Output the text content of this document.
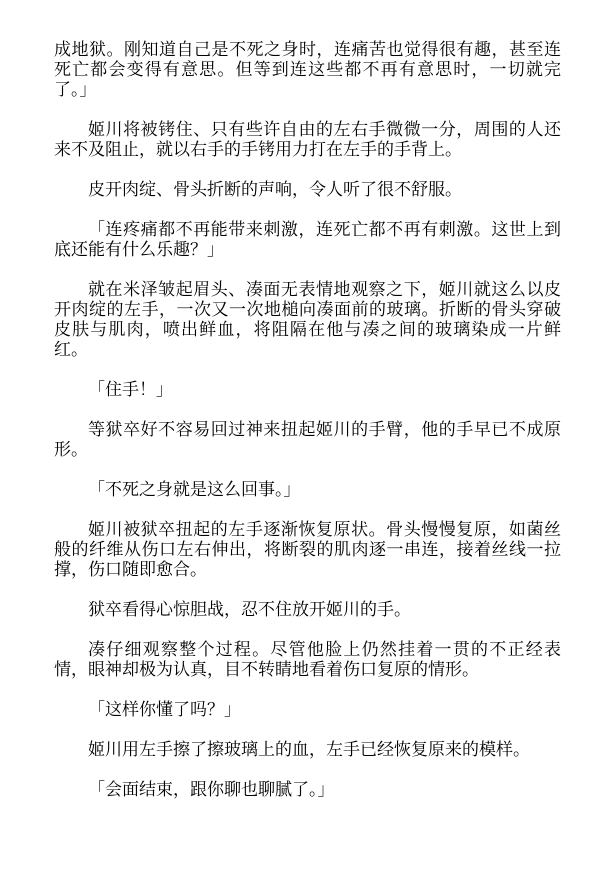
成地狱。刚知道自己是不死之身时，连痛苦也觉得很有趣，甚至连死亡都会变得有意思。但等到连这些都不再有意思时，一切就完了。」

姬川将被铐住、只有些许自由的左右手微微一分，周围的人还来不及阻止，就以右手的手铐用力打在左手的手背上。

皮开肉绽、骨头折断的声响，令人听了很不舒服。

「连疼痛都不再能带来刺激，连死亡都不再有刺激。这世上到底还能有什么乐趣？」

就在米泽皱起眉头、凑面无表情地观察之下，姬川就这么以皮开肉绽的左手，一次又一次地槌向凑面前的玻璃。折断的骨头穿破皮肤与肌肉，喷出鲜血，将阻隔在他与凑之间的玻璃染成一片鲜红。

「住手！」

等狱卒好不容易回过神来扭起姬川的手臂，他的手早已不成原形。

「不死之身就是这么回事。」

姬川被狱卒扭起的左手逐渐恢复原状。骨头慢慢复原，如菌丝般的纤维从伤口左右伸出，将断裂的肌肉逐一串连，接着丝线一拉撑，伤口随即愈合。

狱卒看得心惊胆战，忍不住放开姬川的手。

凑仔细观察整个过程。尽管他脸上仍然挂着一贯的不正经表情，眼神却极为认真，目不转睛地看着伤口复原的情形。

「这样你懂了吗？」

姬川用左手擦了擦玻璃上的血，左手已经恢复原来的模样。

「会面结束，跟你聊也聊腻了。」
